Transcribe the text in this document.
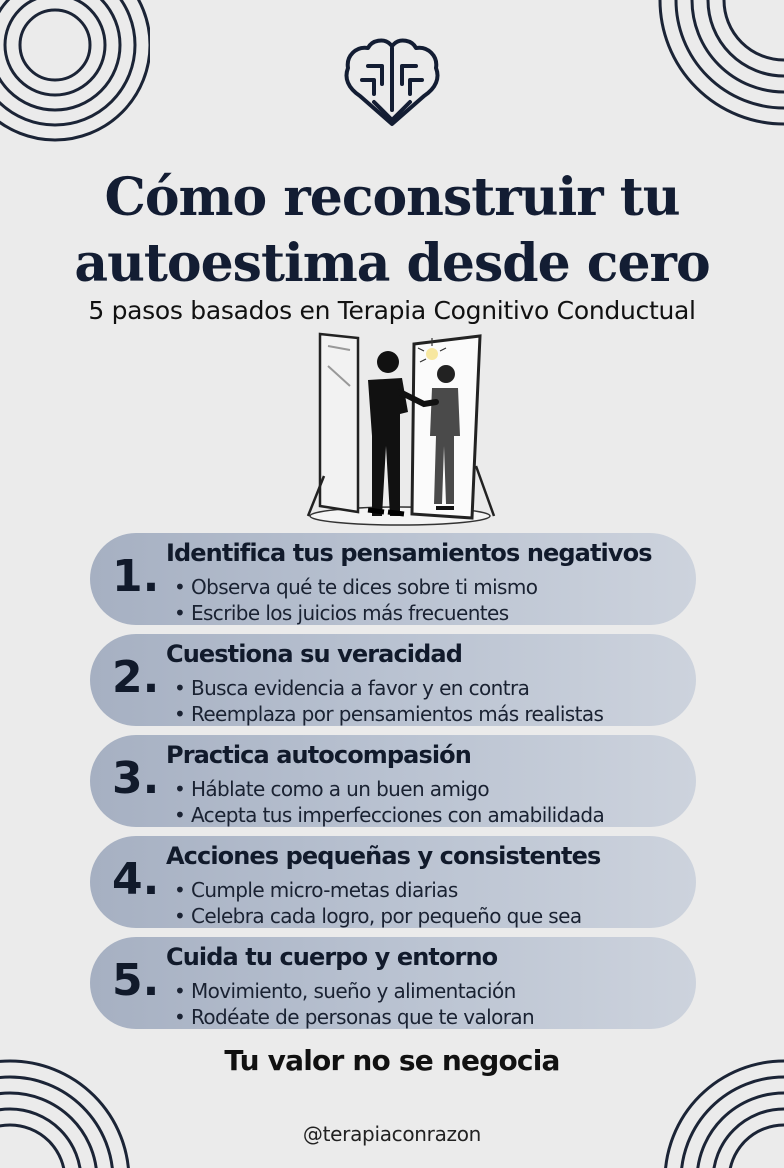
Cómo reconstruir tu
autoestima desde cero
5 pasos basados en Terapia Cognitivo Conductual
1. Identifica tus pensamientos negativos
• Observa qué te dices sobre ti mismo
• Escribe los juicios más frecuentes
2. Cuestiona su veracidad
• Busca evidencia a favor y en contra
• Reemplaza por pensamientos más realistas
3. Practica autocompasión
• Háblate como a un buen amigo
• Acepta tus imperfecciones con amabilidada
4. Acciones pequeñas y consistentes
• Cumple micro-metas diarias
• Celebra cada logro, por pequeño que sea
5. Cuida tu cuerpo y entorno
• Movimiento, sueño y alimentación
• Rodéate de personas que te valoran
Tu valor no se negocia
@terapiaconrazon
